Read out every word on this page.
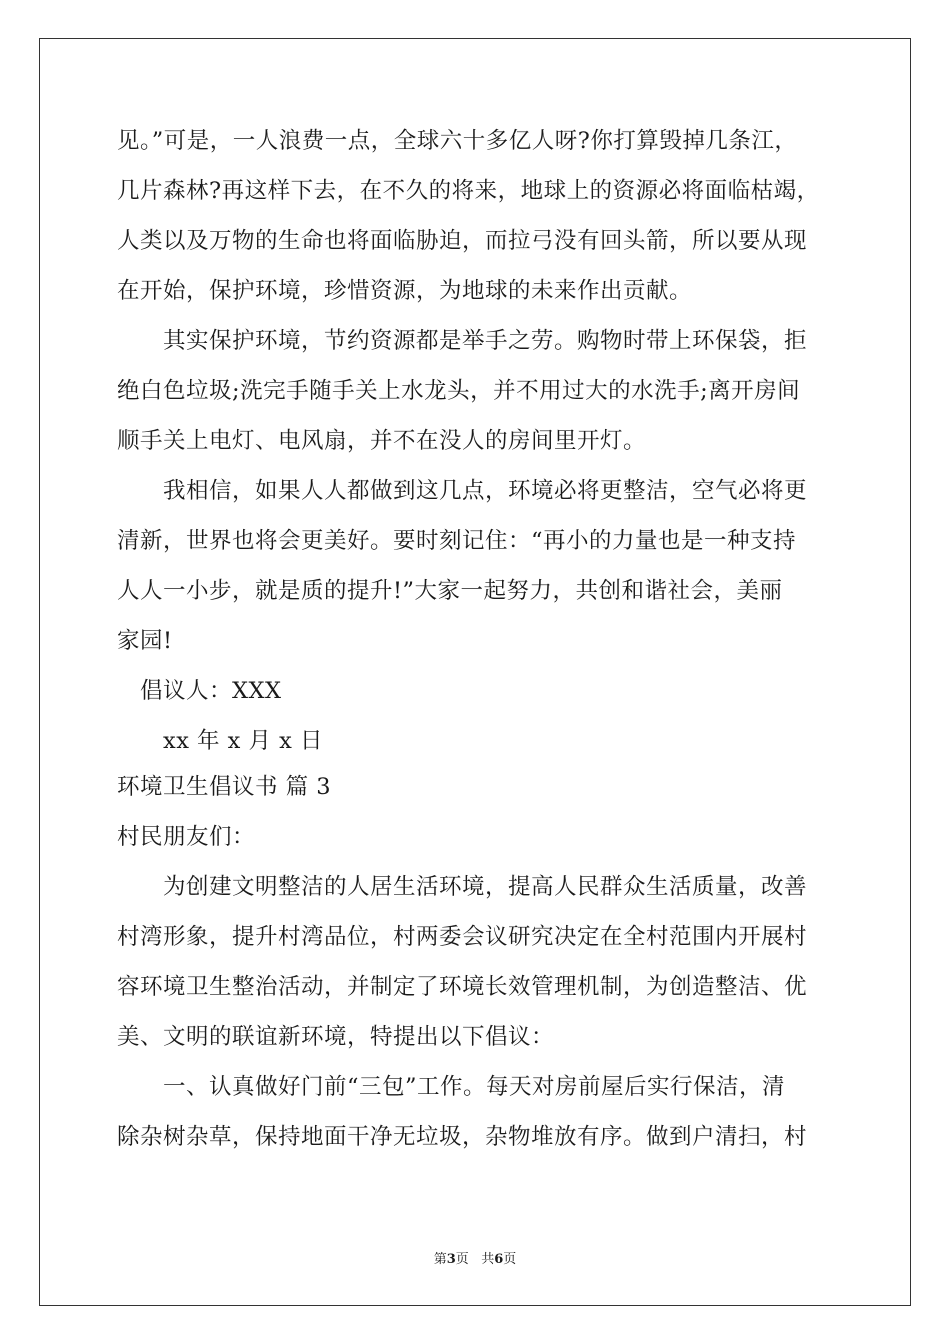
见。”可是，一人浪费一点，全球六十多亿人呀?你打算毁掉几条江，
几片森林?再这样下去，在不久的将来，地球上的资源必将面临枯竭，
人类以及万物的生命也将面临胁迫，而拉弓没有回头箭，所以要从现
在开始，保护环境，珍惜资源，为地球的未来作出贡献。
其实保护环境，节约资源都是举手之劳。购物时带上环保袋，拒
绝白色垃圾;洗完手随手关上水龙头，并不用过大的水洗手;离开房间
顺手关上电灯、电风扇，并不在没人的房间里开灯。
我相信，如果人人都做到这几点，环境必将更整洁，空气必将更
清新，世界也将会更美好。要时刻记住：“再小的力量也是一种支持
人人一小步，就是质的提升!”大家一起努力，共创和谐社会，美丽
家园!
倡议人：XXX
xx 年 x 月 x 日
环境卫生倡议书 篇 3
村民朋友们：
为创建文明整洁的人居生活环境，提高人民群众生活质量，改善
村湾形象，提升村湾品位，村两委会议研究决定在全村范围内开展村
容环境卫生整治活动，并制定了环境长效管理机制，为创造整洁、优
美、文明的联谊新环境，特提出以下倡议：
一、认真做好门前“三包”工作。每天对房前屋后实行保洁，清
除杂树杂草，保持地面干净无垃圾，杂物堆放有序。做到户清扫，村
第3页   共6页
